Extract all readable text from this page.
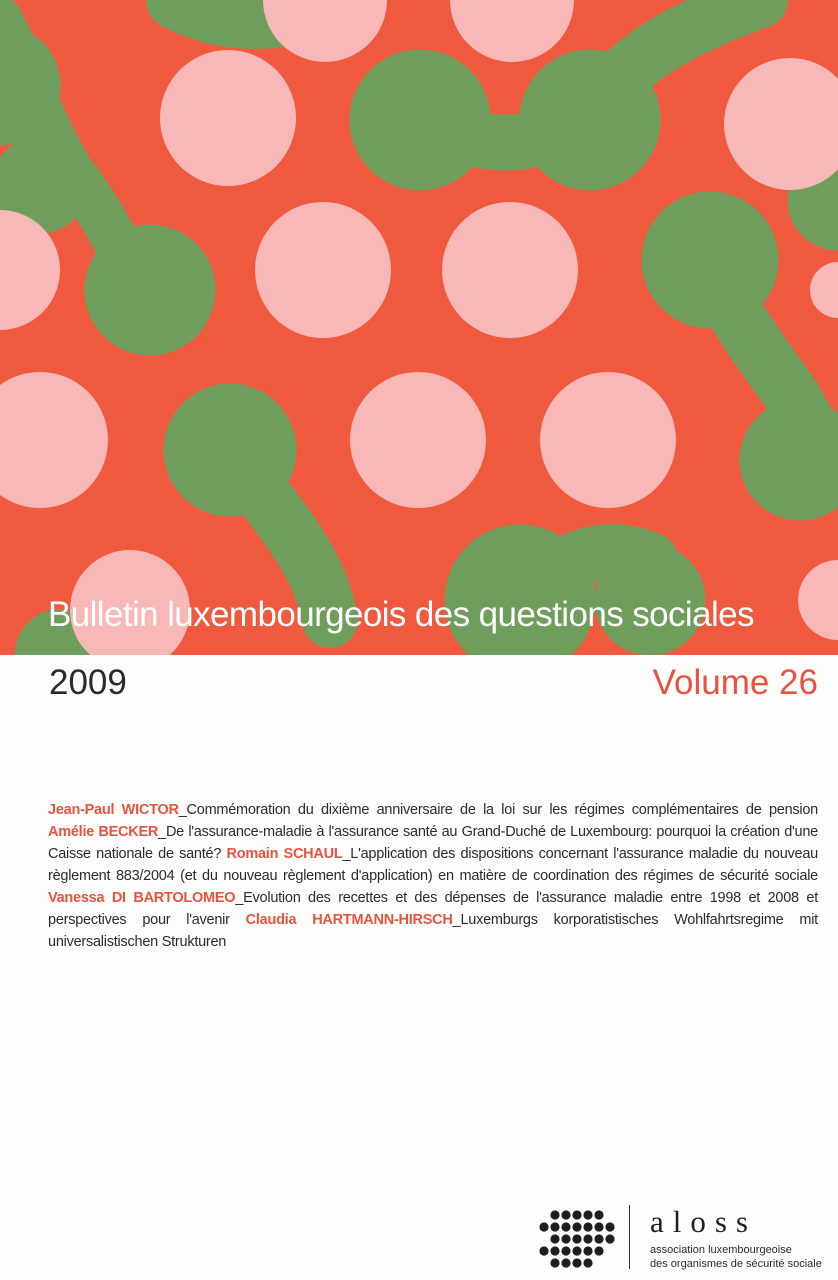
Bulletin luxembourgeois des questions sociales
2009	Volume 26

Jean-Paul WICTOR_Commémoration du dixième anniversaire de la loi sur les régimes complémentaires de pension Amélie BECKER_De l'assurance-maladie à l'assurance santé au Grand-Duché de Luxembourg: pourquoi la création d'une Caisse nationale de santé? Romain SCHAUL_L'application des dispositions concernant l'assurance maladie du nouveau règlement 883/2004 (et du nouveau règlement d'application) en matière de coordination des régimes de sécurité sociale Vanessa DI BARTOLOMEO_Evolution des recettes et des dépenses de l'assurance maladie entre 1998 et 2008 et perspectives pour l'avenir Claudia HARTMANN-HIRSCH_Luxemburgs korporatistisches Wohlfahrtsregime mit universalistischen Strukturen

aloss
association luxembourgeoise
des organismes de sécurité sociale
